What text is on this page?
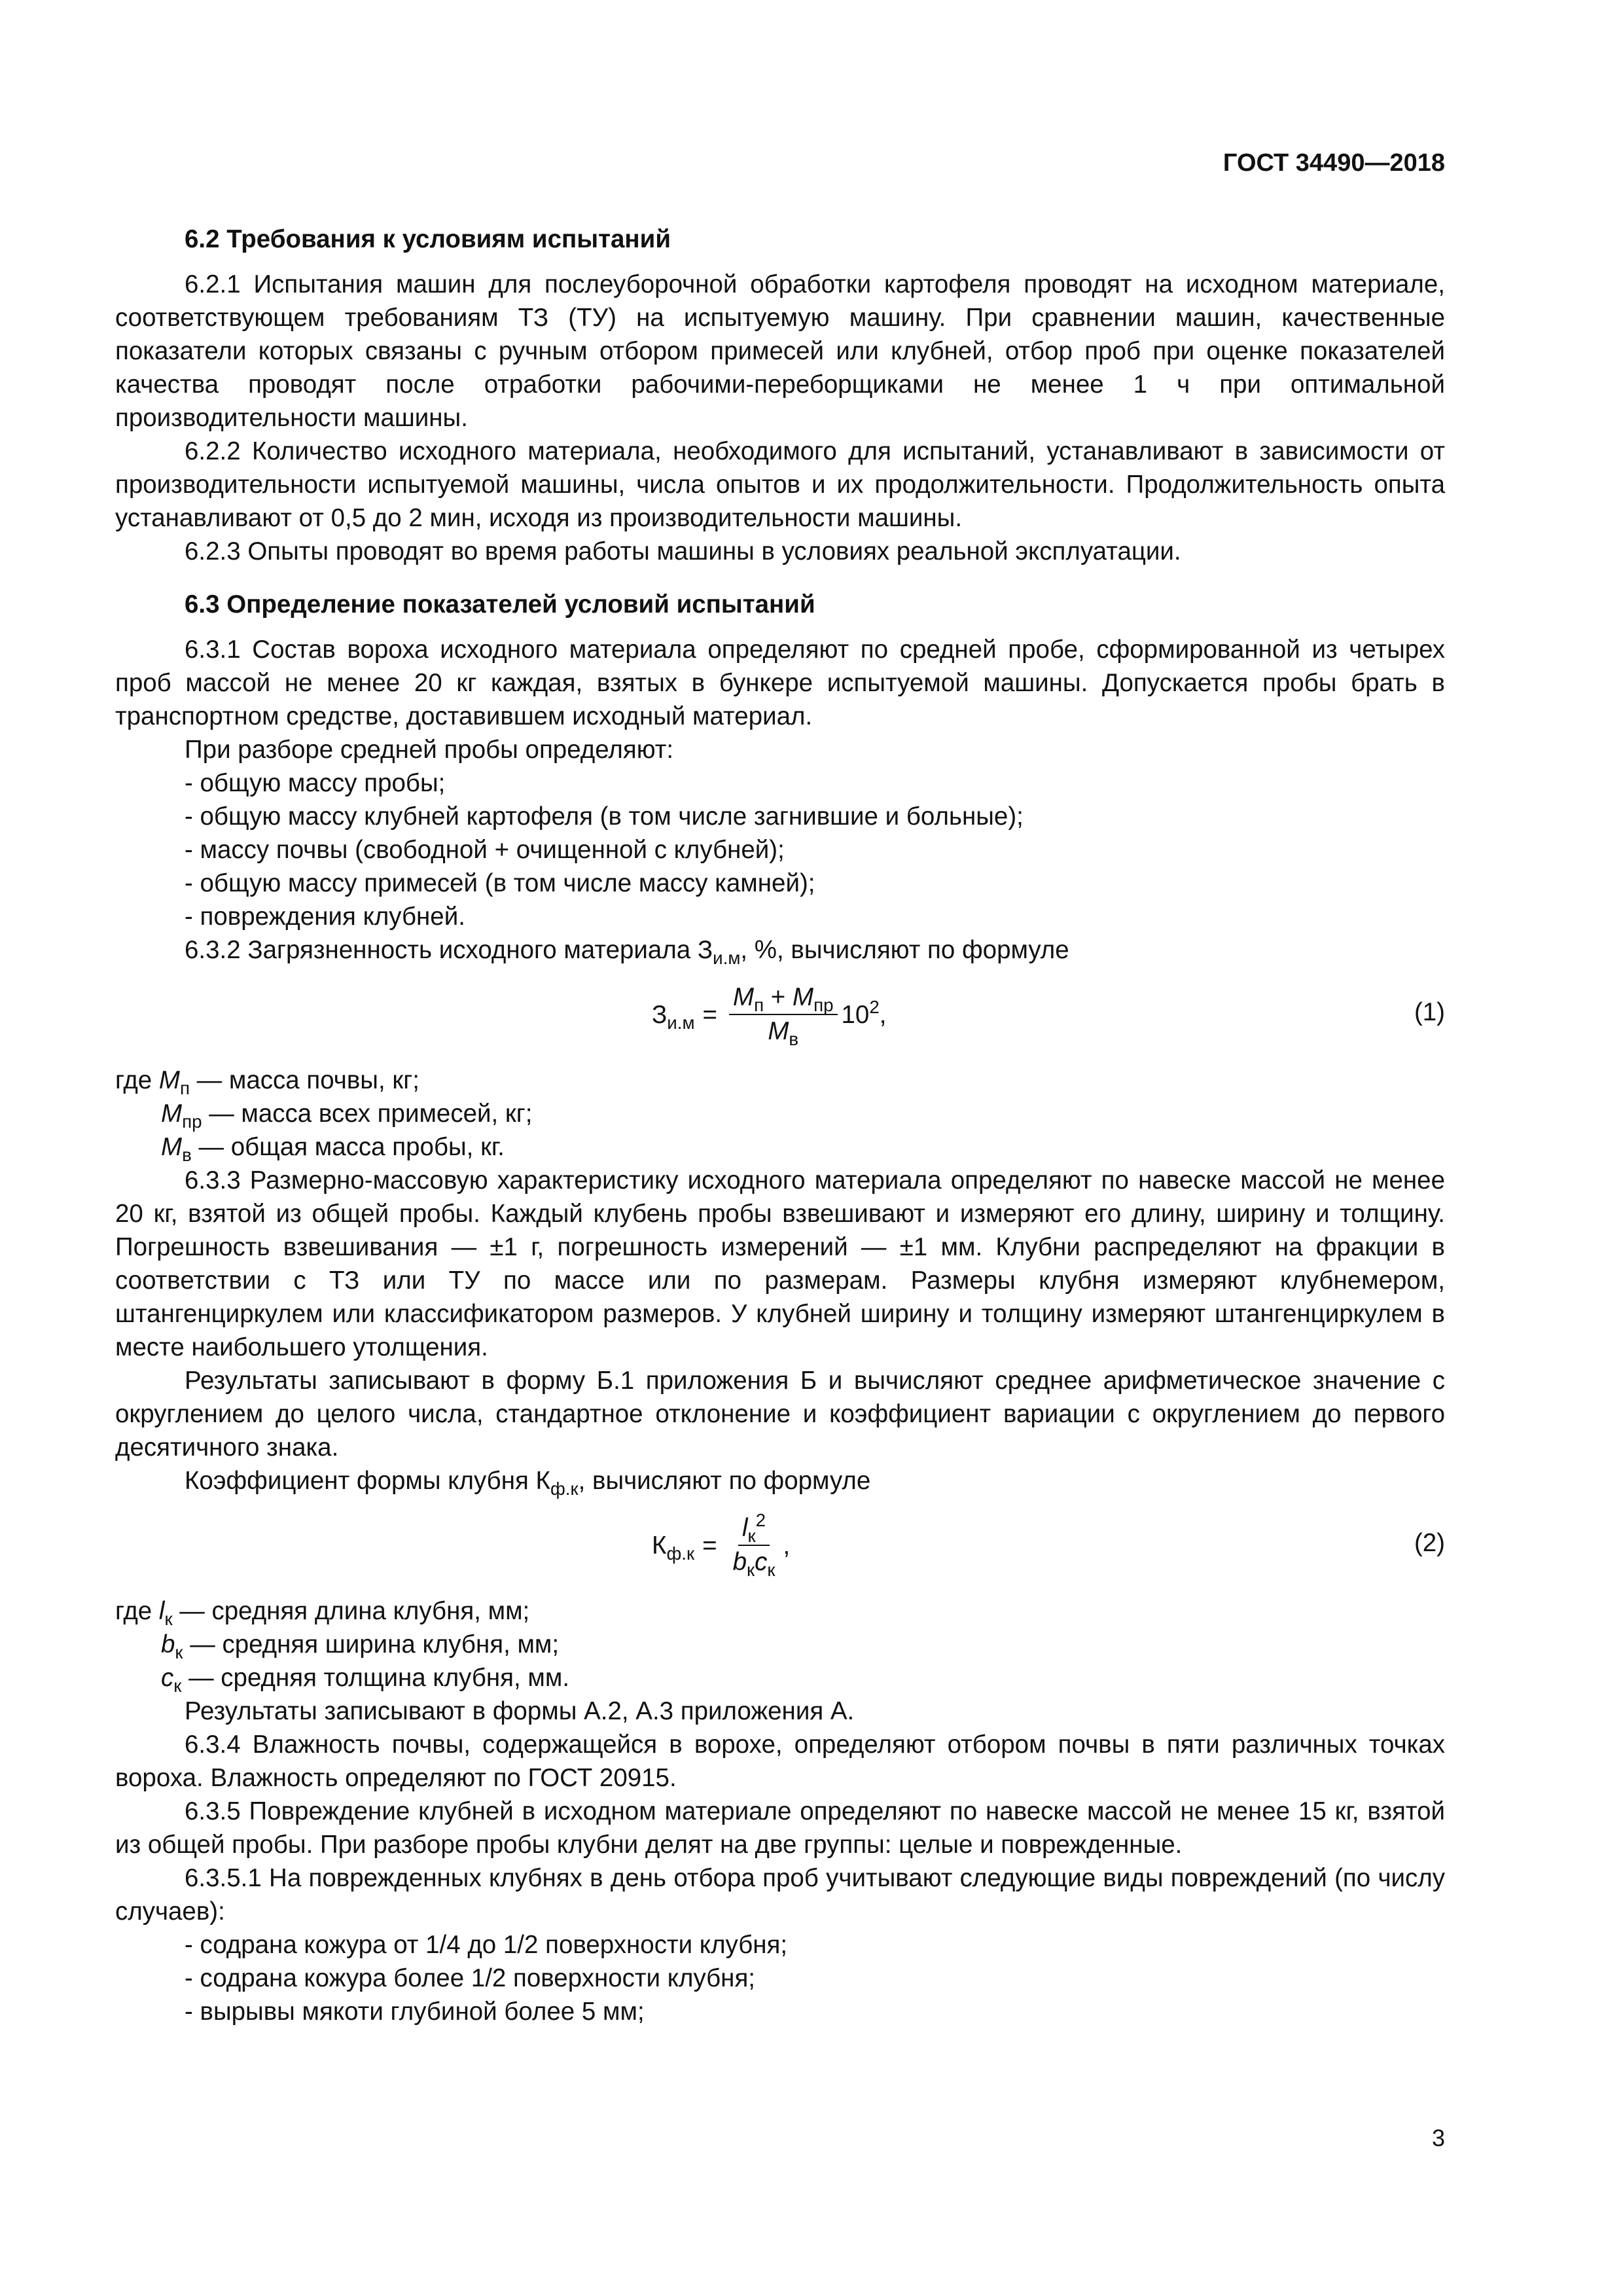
ГОСТ 34490—2018
6.2 Требования к условиям испытаний

6.2.1 Испытания машин для послеуборочной обработки картофеля проводят на исходном материале, соответствующем требованиям ТЗ (ТУ) на испытуемую машину. При сравнении машин, качественные показатели которых связаны с ручным отбором примесей или клубней, отбор проб при оценке показателей качества проводят после отработки рабочими-переборщиками не менее 1 ч при оптимальной производительности машины.

6.2.2 Количество исходного материала, необходимого для испытаний, устанавливают в зависимости от производительности испытуемой машины, числа опытов и их продолжительности. Продолжительность опыта устанавливают от 0,5 до 2 мин, исходя из производительности машины.

6.2.3 Опыты проводят во время работы машины в условиях реальной эксплуатации.

6.3 Определение показателей условий испытаний

6.3.1 Состав вороха исходного материала определяют по средней пробе, сформированной из четырех проб массой не менее 20 кг каждая, взятых в бункере испытуемой машины. Допускается пробы брать в транспортном средстве, доставившем исходный материал.

При разборе средней пробы определяют:

- общую массу пробы;
- общую массу клубней картофеля (в том числе загнившие и больные);
- массу почвы (свободной + очищенной с клубней);
- общую массу примесей (в том числе массу камней);
- повреждения клубней.

6.3.2 Загрязненность исходного материала $З_{и.м}$, %, вычисляют по формуле

$З_{и.м} = \frac{M_п + M_{пр}}{M_в} 10^2$,	(1)
где $M_п$ — масса почвы, кг;
$M_{пр}$ — масса всех примесей, кг;
$M_в$ — общая масса пробы, кг.

6.3.3 Размерно-массовую характеристику исходного материала определяют по навеске массой не менее 20 кг, взятой из общей пробы. Каждый клубень пробы взвешивают и измеряют его длину, ширину и толщину. Погрешность взвешивания — ±1 г, погрешность измерений — ±1 мм. Клубни распределяют на фракции в соответствии с ТЗ или ТУ по массе или по размерам. Размеры клубня измеряют клубнемером, штангенциркулем или классификатором размеров. У клубней ширину и толщину измеряют штангенциркулем в месте наибольшего утолщения.

Результаты записывают в форму Б.1 приложения Б и вычисляют среднее арифметическое значение с округлением до целого числа, стандартное отклонение и коэффициент вариации с округлением до первого десятичного знака.

Коэффициент формы клубня $К_{ф.к}$, вычисляют по формуле

$К_{ф.к} = \frac{l_к^2}{b_кc_к}$ ,	(2)
где $l_к$ — средняя длина клубня, мм;
$b_к$ — средняя ширина клубня, мм;
$c_к$ — средняя толщина клубня, мм.

Результаты записывают в формы А.2, А.3 приложения А.

6.3.4 Влажность почвы, содержащейся в ворохе, определяют отбором почвы в пяти различных точках вороха. Влажность определяют по ГОСТ 20915.

6.3.5 Повреждение клубней в исходном материале определяют по навеске массой не менее 15 кг, взятой из общей пробы. При разборе пробы клубни делят на две группы: целые и поврежденные.

6.3.5.1 На поврежденных клубнях в день отбора проб учитывают следующие виды повреждений (по числу случаев):

- содрана кожура от 1/4 до 1/2 поверхности клубня;
- содрана кожура более 1/2 поверхности клубня;
- вырывы мякоти глубиной более 5 мм;
3
